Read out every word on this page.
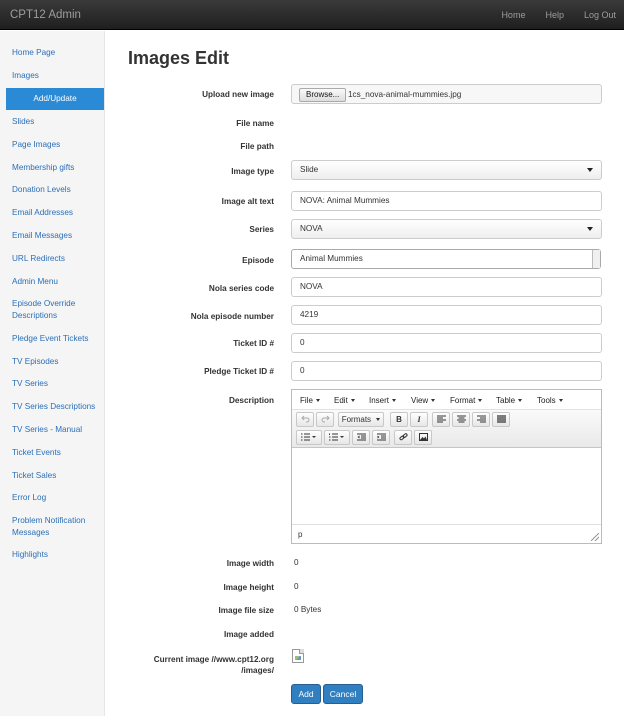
CPT12 Admin	Home Help Log Out
Home Page
Images
Add/Update
Slides
Page Images
Membership gifts
Donation Levels
Email Addresses
Email Messages
URL Redirects
Admin Menu
Episode Override Descriptions
Pledge Event Tickets
TV Episodes
TV Series
TV Series Descriptions
TV Series - Manual
Ticket Events
Ticket Sales
Error Log
Problem Notification Messages
Highlights
Images Edit
Upload new image	Browse...	1cs_nova-animal-mummies.jpg
File name
File path
Image type	Slide
Image alt text	NOVA: Animal Mummies
Series	NOVA
Episode	Animal Mummies
Nola series code	NOVA
Nola episode number	4219
Ticket ID #	0
Pledge Ticket ID #	0
Description	File	Edit	Insert	View	Format	Table	Tools
Formats	B	I
p
Image width 0
Image height 0
Image file size 0 Bytes
Image added
Current image //www.cpt12.org
/images/
Add	Cancel
